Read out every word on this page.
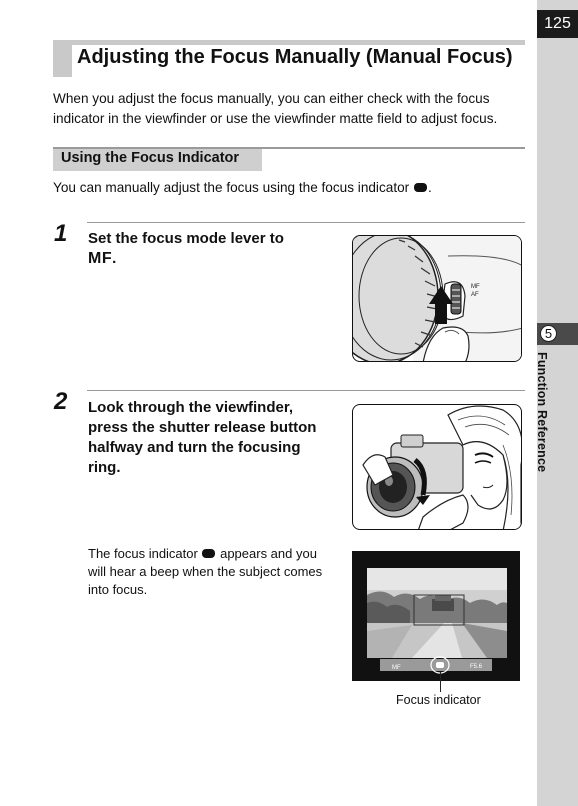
125
5
Function Reference
Adjusting the Focus Manually (Manual Focus)
When you adjust the focus manually, you can either check with the focus indicator in the viewfinder or use the viewfinder matte field to adjust focus.
Using the Focus Indicator
You can manually adjust the focus using the focus indicator .
1 Set the focus mode lever to
MF.
MF
AF
2 Look through the viewfinder, press the shutter release button halfway and turn the focusing ring.
The focus indicator appears and you will hear a beep when the subject comes into focus.
MF	F5.6
Focus indicator
